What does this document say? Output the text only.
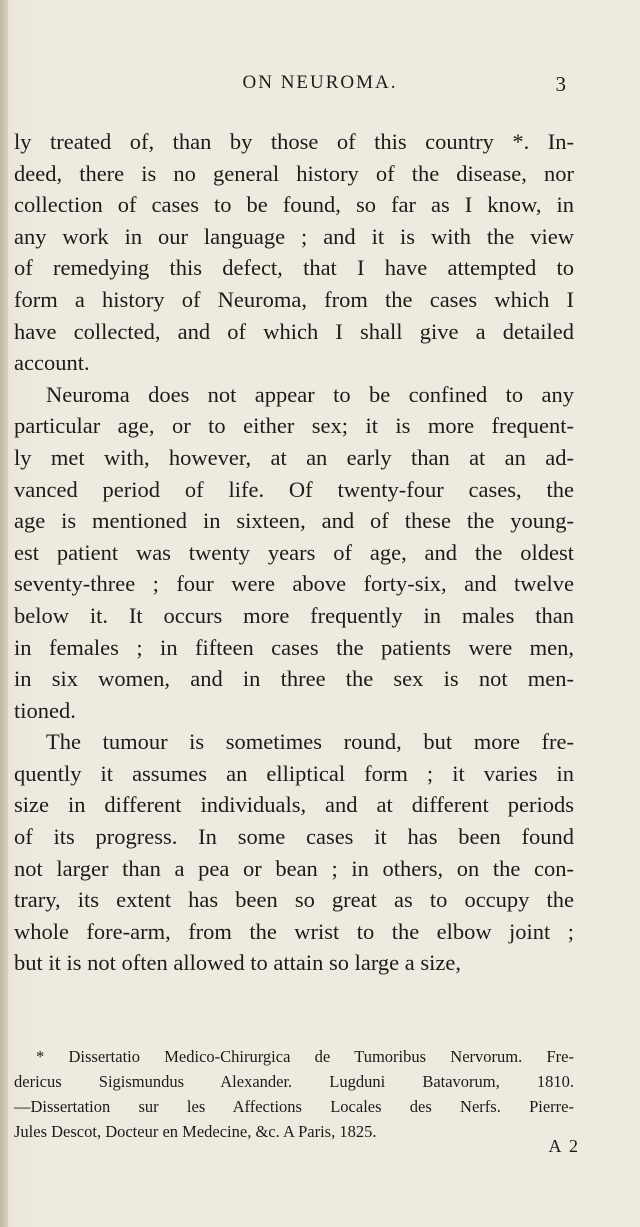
ON NEUROMA.	3
ly treated of, than by those of this country *. In-
deed, there is no general history of the disease, nor
collection of cases to be found, so far as I know, in
any work in our language ; and it is with the view
of remedying this defect, that I have attempted to
form a history of Neuroma, from the cases which I
have collected, and of which I shall give a detailed
account.
Neuroma does not appear to be confined to any
particular age, or to either sex; it is more frequent-
ly met with, however, at an early than at an ad-
vanced period of life. Of twenty-four cases, the
age is mentioned in sixteen, and of these the young-
est patient was twenty years of age, and the oldest
seventy-three ; four were above forty-six, and twelve
below it. It occurs more frequently in males than
in females ; in fifteen cases the patients were men,
in six women, and in three the sex is not men-
tioned.
The tumour is sometimes round, but more fre-
quently it assumes an elliptical form ; it varies in
size in different individuals, and at different periods
of its progress. In some cases it has been found
not larger than a pea or bean ; in others, on the con-
trary, its extent has been so great as to occupy the
whole fore-arm, from the wrist to the elbow joint ;
but it is not often allowed to attain so large a size,
* Dissertatio Medico-Chirurgica de Tumoribus Nervorum. Fre-
dericus Sigismundus Alexander. Lugduni Batavorum, 1810.
—Dissertation sur les Affections Locales des Nerfs. Pierre-
Jules Descot, Docteur en Medecine, &c. A Paris, 1825.
A 2
